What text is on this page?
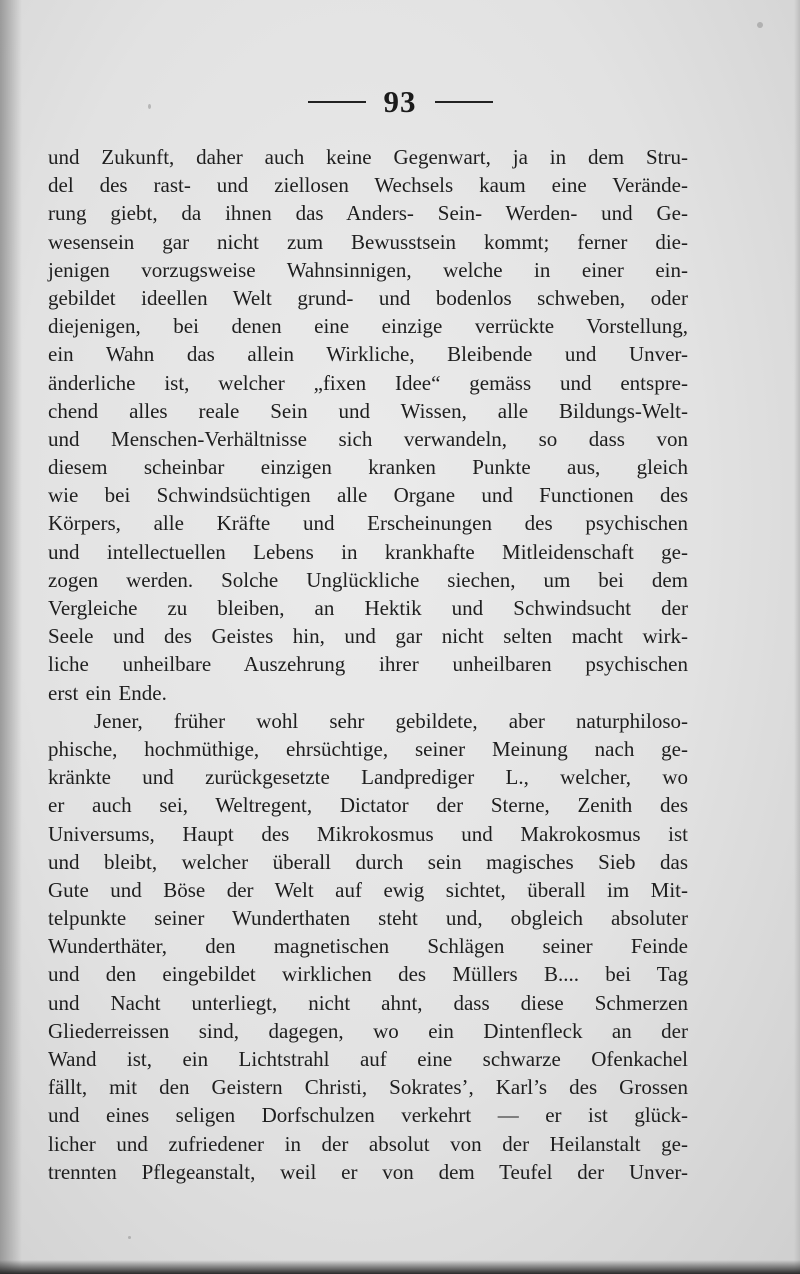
93
und Zukunft, daher auch keine Gegenwart, ja in dem Stru-
del des rast- und ziellosen Wechsels kaum eine Verände-
rung giebt, da ihnen das Anders- Sein- Werden- und Ge-
wesensein gar nicht zum Bewusstsein kommt; ferner die-
jenigen vorzugsweise Wahnsinnigen, welche in einer ein-
gebildet ideellen Welt grund- und bodenlos schweben, oder
diejenigen, bei denen eine einzige verrückte Vorstellung,
ein Wahn das allein Wirkliche, Bleibende und Unver-
änderliche ist, welcher „fixen Idee“ gemäss und entspre-
chend alles reale Sein und Wissen, alle Bildungs-Welt-
und Menschen-Verhältnisse sich verwandeln, so dass von
diesem scheinbar einzigen kranken Punkte aus, gleich
wie bei Schwindsüchtigen alle Organe und Functionen des
Körpers, alle Kräfte und Erscheinungen des psychischen
und intellectuellen Lebens in krankhafte Mitleidenschaft ge-
zogen werden. Solche Unglückliche siechen, um bei dem
Vergleiche zu bleiben, an Hektik und Schwindsucht der
Seele und des Geistes hin, und gar nicht selten macht wirk-
liche unheilbare Auszehrung ihrer unheilbaren psychischen
erst ein Ende.
Jener, früher wohl sehr gebildete, aber naturphiloso-
phische, hochmüthige, ehrsüchtige, seiner Meinung nach ge-
kränkte und zurückgesetzte Landprediger L., welcher, wo
er auch sei, Weltregent, Dictator der Sterne, Zenith des
Universums, Haupt des Mikrokosmus und Makrokosmus ist
und bleibt, welcher überall durch sein magisches Sieb das
Gute und Böse der Welt auf ewig sichtet, überall im Mit-
telpunkte seiner Wunderthaten steht und, obgleich absoluter
Wunderthäter, den magnetischen Schlägen seiner Feinde
und den eingebildet wirklichen des Müllers B.... bei Tag
und Nacht unterliegt, nicht ahnt, dass diese Schmerzen
Gliederreissen sind, dagegen, wo ein Dintenfleck an der
Wand ist, ein Lichtstrahl auf eine schwarze Ofenkachel
fällt, mit den Geistern Christi, Sokrates’, Karl’s des Grossen
und eines seligen Dorfschulzen verkehrt — er ist glück-
licher und zufriedener in der absolut von der Heilanstalt ge-
trennten Pflegeanstalt, weil er von dem Teufel der Unver-
